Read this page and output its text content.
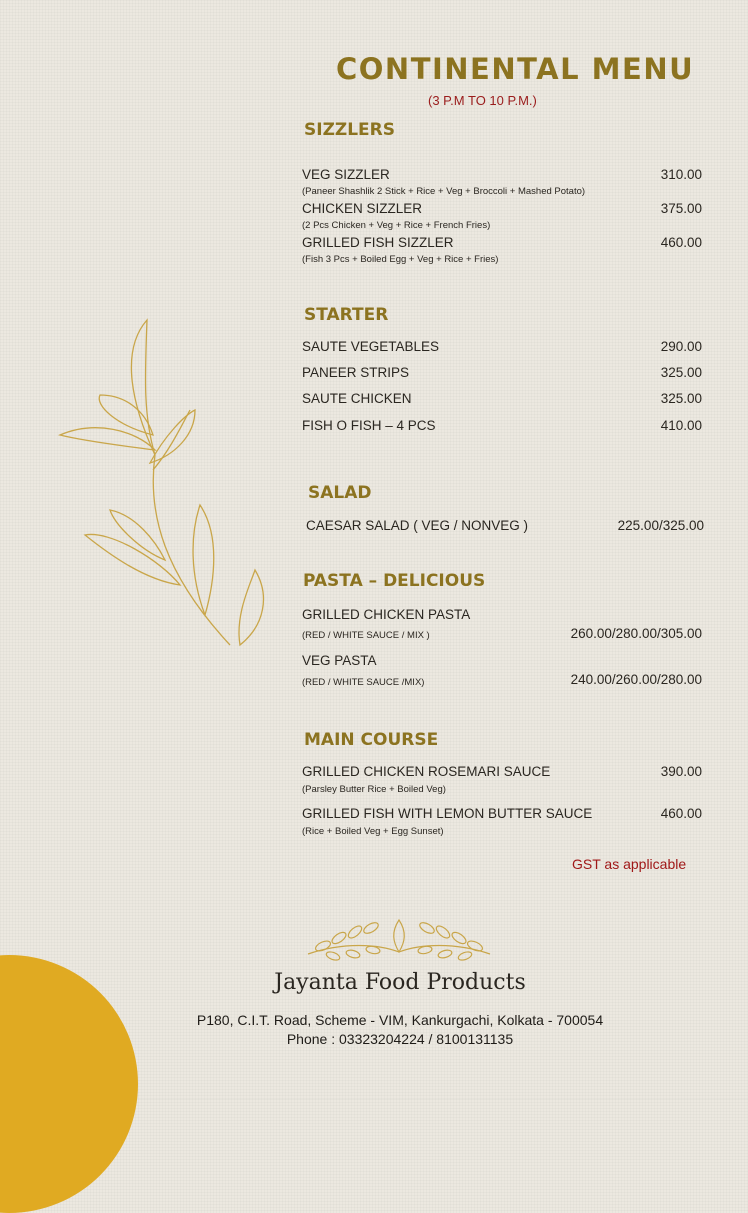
CONTINENTAL MENU
(3 P.M TO 10 P.M.)
SIZZLERS
VEG SIZZLER	310.00
(Paneer Shashlik 2 Stick + Rice + Veg + Broccoli + Mashed Potato)
CHICKEN SIZZLER	375.00
(2 Pcs Chicken + Veg + Rice + French Fries)
GRILLED FISH SIZZLER	460.00
(Fish 3 Pcs + Boiled Egg + Veg + Rice + Fries)
STARTER
SAUTE VEGETABLES	290.00
PANEER STRIPS	325.00
SAUTE CHICKEN	325.00
FISH O FISH – 4 PCS	410.00
SALAD
CAESAR SALAD ( VEG / NONVEG )	225.00/325.00
PASTA – DELICIOUS
GRILLED CHICKEN PASTA
(RED / WHITE SAUCE / MIX )	260.00/280.00/305.00
VEG PASTA
(RED / WHITE SAUCE /MIX)	240.00/260.00/280.00
MAIN COURSE
GRILLED CHICKEN ROSEMARI SAUCE	390.00
(Parsley Butter Rice + Boiled Veg)
GRILLED FISH WITH LEMON BUTTER SAUCE	460.00
(Rice + Boiled Veg + Egg Sunset)
GST as applicable
Jayanta Food Products
P180, C.I.T. Road, Scheme - VIM, Kankurgachi, Kolkata - 700054
Phone : 03323204224 / 8100131135
